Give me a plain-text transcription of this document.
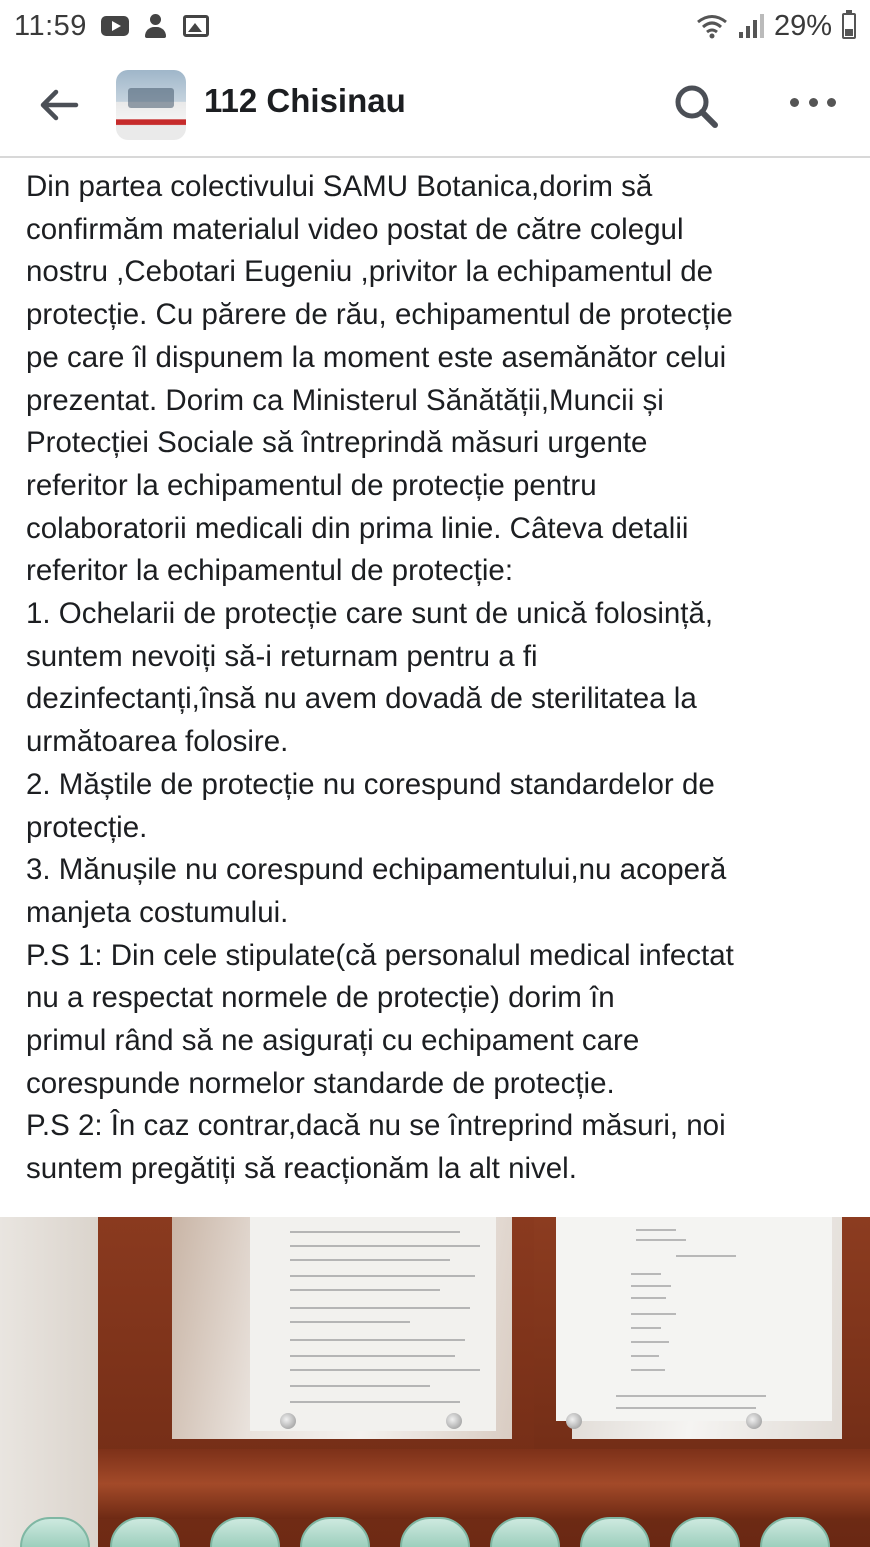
11:59	29%
112 Chisinau
Din partea colectivului SAMU Botanica,dorim să
confirmăm materialul video postat de către colegul
nostru ,Cebotari Eugeniu ,privitor la echipamentul de
protecție. Cu părere de rău, echipamentul de protecție
pe care îl dispunem la moment este asemănător celui
prezentat. Dorim ca Ministerul Sănătății,Muncii și
Protecției Sociale să întreprindă măsuri urgente
referitor la echipamentul de protecție pentru
colaboratorii medicali din prima linie. Câteva detalii
referitor la echipamentul de protecție:
1. Ochelarii de protecție care sunt de unică folosință,
suntem nevoiți să-i returnam pentru a fi
dezinfectanți,însă nu avem dovadă de sterilitatea la
următoarea folosire.
2. Măștile de protecție nu corespund standardelor de
protecție.
3. Mănușile nu corespund echipamentului,nu acoperă
manjeta costumului.
P.S 1: Din cele stipulate(că personalul medical infectat
nu a respectat normele de protecție) dorim în
primul rând să ne asigurați cu echipament care
corespunde normelor standarde de protecție.
P.S 2: În caz contrar,dacă nu se întreprind măsuri, noi
suntem pregătiți să reacționăm la alt nivel.
